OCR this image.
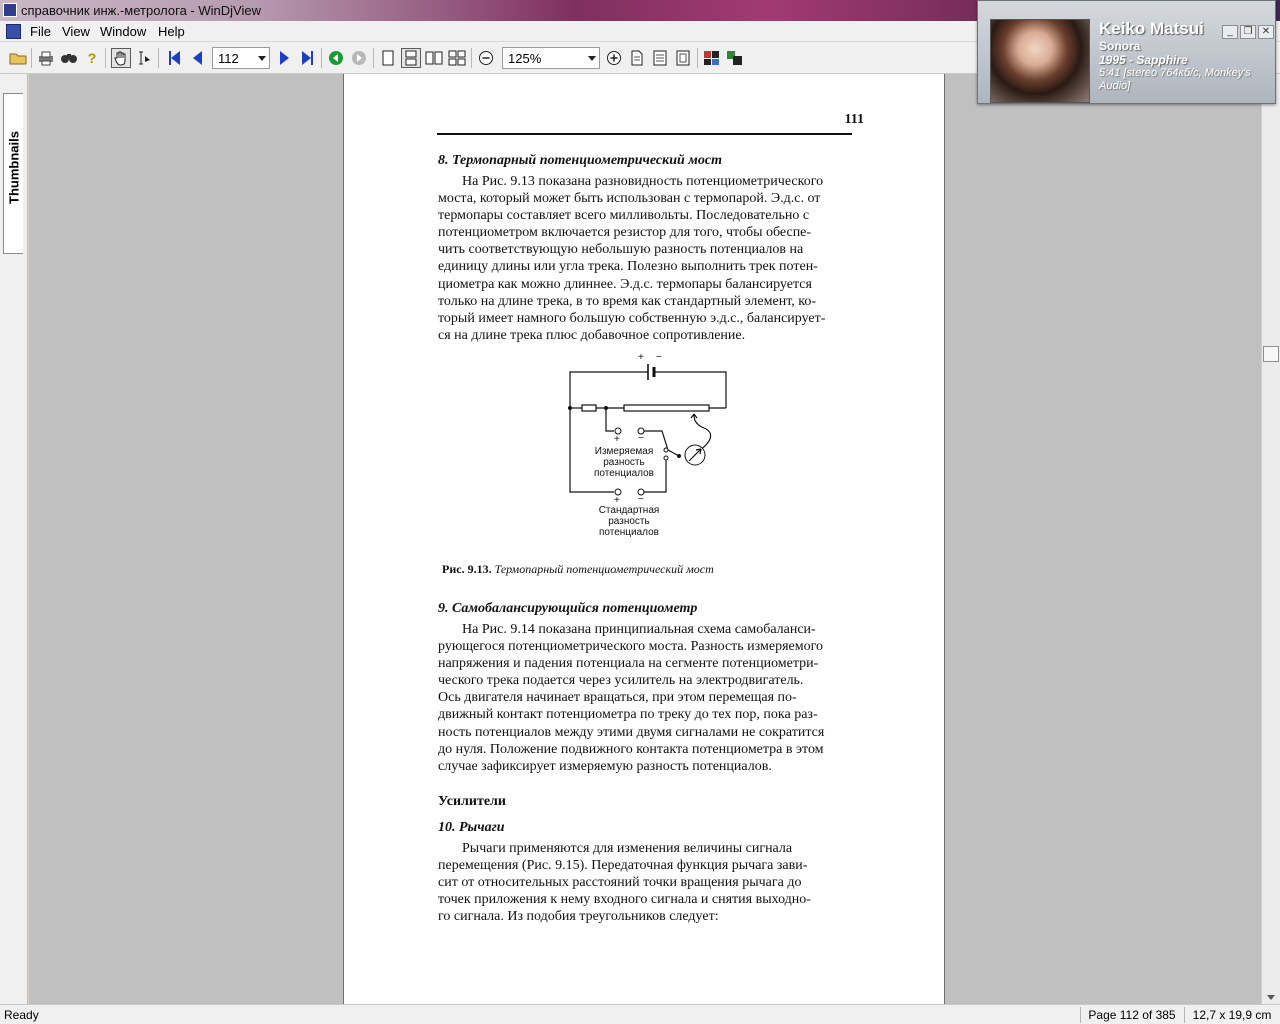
справочник инж.-метролога - WinDjView
File View Window Help
?	112	125%
Thumbnails
111
8. Термопарный потенциометрический мост
На Рис. 9.13 показана разновидность потенциометрического
моста, который может быть использован с термопарой. Э.д.с. от
термопары составляет всего милливольты. Последовательно с
потенциометром включается резистор для того, чтобы обеспе-
чить соответствующую небольшую разность потенциалов на
единицу длины или угла трека. Полезно выполнить трек потен-
циометра как можно длиннее. Э.д.с. термопары балансируется
только на длине трека, в то время как стандартный элемент, ко-
торый имеет намного большую собственную э.д.с., балансирует-
ся на длине трека плюс добавочное сопротивление.
+ −
+ −
+ −
Измеряемая
разность
потенциалов
Стандартная
разность
потенциалов
Рис. 9.13. Термопарный потенциометрический мост
9. Самобалансирующийся потенциометр
На Рис. 9.14 показана принципиальная схема самобаланси-
рующегося потенциометрического моста. Разность измеряемого
напряжения и падения потенциала на сегменте потенциометри-
ческого трека подается через усилитель на электродвигатель.
Ось двигателя начинает вращаться, при этом перемещая по-
движный контакт потенциометра по треку до тех пор, пока раз-
ность потенциалов между этими двумя сигналами не сократится
до нуля. Положение подвижного контакта потенциометра в этом
случае зафиксирует измеряемую разность потенциалов.
Усилители
10. Рычаги
Рычаги применяются для изменения величины сигнала
перемещения (Рис. 9.15). Передаточная функция рычага зави-
сит от относительных расстояний точки вращения рычага до
точек приложения к нему входного сигнала и снятия выходно-
го сигнала. Из подобия треугольников следует:
Ready	Page 112 of 385	12,7 x 19,9 cm
Keiko Matsui
Sonora
1995 - Sapphire
5:41 [stereo 764кб/с, Monkey's Audio]
_	❐ ✕
